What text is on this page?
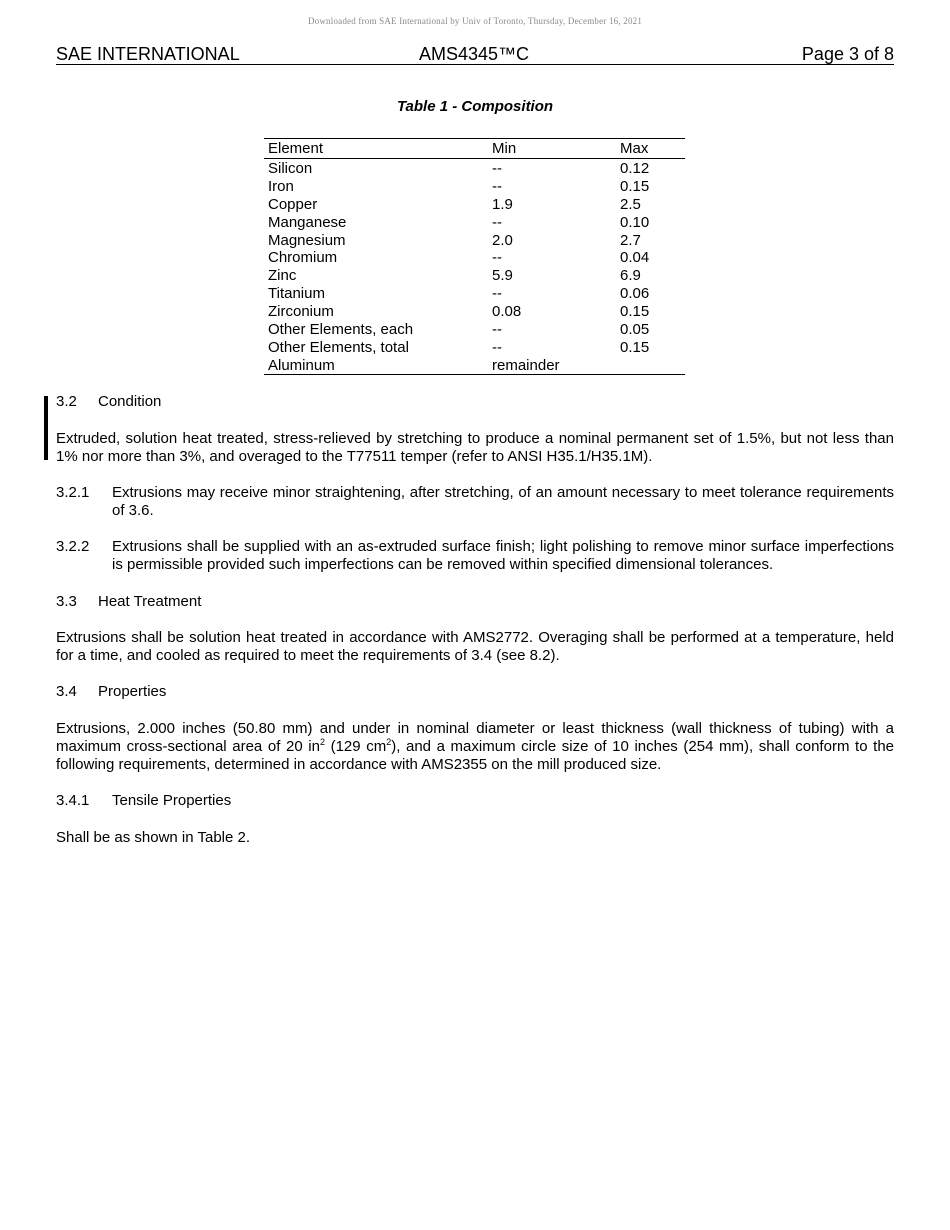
Downloaded from SAE International by Univ of Toronto, Thursday, December 16, 2021
SAE INTERNATIONAL	AMS4345™C	Page 3 of 8
Table 1 - Composition
Element	Min	Max
Silicon	--	0.12
Iron	--	0.15
Copper	1.9	2.5
Manganese	--	0.10
Magnesium	2.0	2.7
Chromium	--	0.04
Zinc	5.9	6.9
Titanium	--	0.06
Zirconium	0.08	0.15
Other Elements, each	--	0.05
Other Elements, total	--	0.15
Aluminum	remainder
3.2 Condition
Extruded, solution heat treated, stress-relieved by stretching to produce a nominal permanent set of 1.5%, but not less than 1% nor more than 3%, and overaged to the T77511 temper (refer to ANSI H35.1/H35.1M).
3.2.1 Extrusions may receive minor straightening, after stretching, of an amount necessary to meet tolerance requirements of 3.6.
3.2.2 Extrusions shall be supplied with an as-extruded surface finish; light polishing to remove minor surface imperfections is permissible provided such imperfections can be removed within specified dimensional tolerances.
3.3 Heat Treatment
Extrusions shall be solution heat treated in accordance with AMS2772. Overaging shall be performed at a temperature, held for a time, and cooled as required to meet the requirements of 3.4 (see 8.2).
3.4 Properties
Extrusions, 2.000 inches (50.80 mm) and under in nominal diameter or least thickness (wall thickness of tubing) with a maximum cross-sectional area of 20 $in^2$ (129 $cm^2$), and a maximum circle size of 10 inches (254 mm), shall conform to the following requirements, determined in accordance with AMS2355 on the mill produced size.
3.4.1 Tensile Properties
Shall be as shown in Table 2.
